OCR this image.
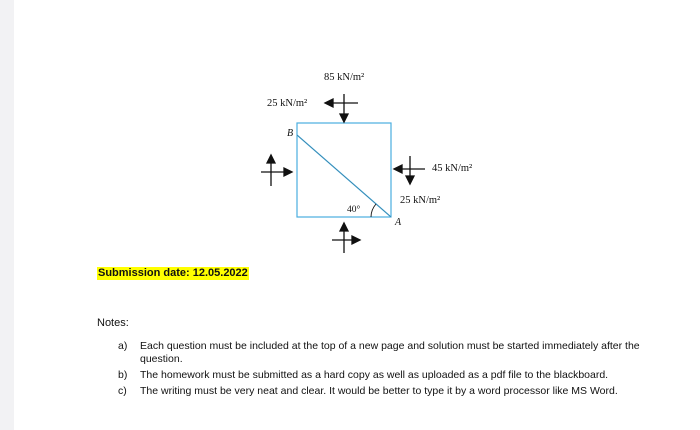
85 kN/m²
25 kN/m²
B
45 kN/m²
25 kN/m²
40°
A
Submission date: 12.05.2022
Notes:
a) Each question must be included at the top of a new page and solution must be started immediately after the question.
b) The homework must be submitted as a hard copy as well as uploaded as a pdf file to the blackboard.
c) The writing must be very neat and clear. It would be better to type it by a word processor like MS Word.
